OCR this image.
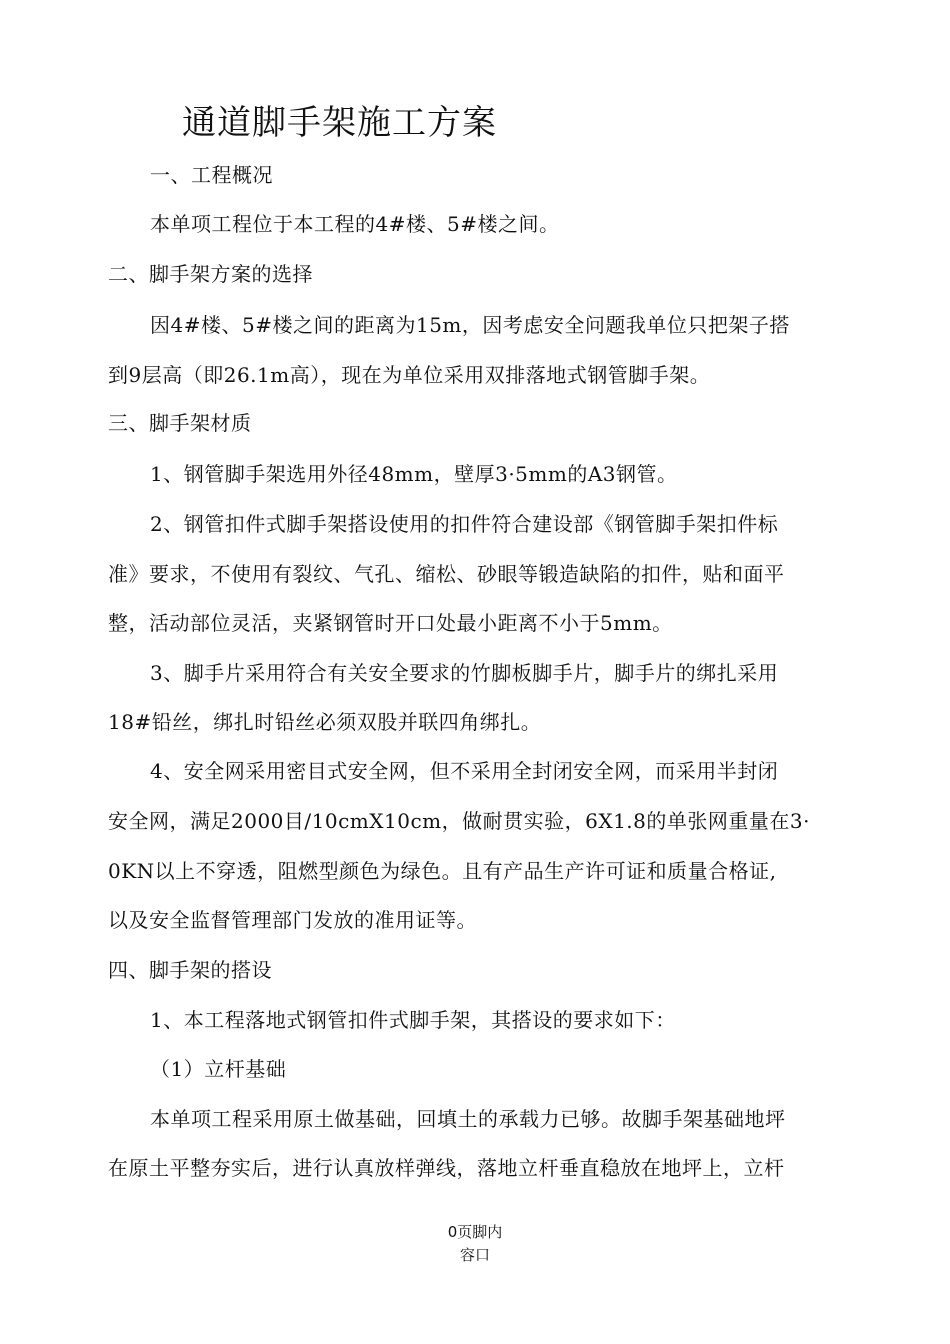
通道脚手架施工方案
一、工程概况
本单项工程位于本工程的4#楼、5#楼之间。
二、脚手架方案的选择
因4#楼、5#楼之间的距离为15m，因考虑安全问题我单位只把架子搭
到9层高（即26.1m高），现在为单位采用双排落地式钢管脚手架。
三、脚手架材质
1、钢管脚手架选用外径48mm，壁厚3·5mm的A3钢管。
2、钢管扣件式脚手架搭设使用的扣件符合建设部《钢管脚手架扣件标
准》要求，不使用有裂纹、气孔、缩松、砂眼等锻造缺陷的扣件，贴和面平
整，活动部位灵活，夹紧钢管时开口处最小距离不小于5mm。
3、脚手片采用符合有关安全要求的竹脚板脚手片，脚手片的绑扎采用
18#铅丝，绑扎时铅丝必须双股并联四角绑扎。
4、安全网采用密目式安全网，但不采用全封闭安全网，而采用半封闭
安全网，满足2000目/10cmX10cm，做耐贯实验，6X1.8的单张网重量在3·
0KN以上不穿透，阻燃型颜色为绿色。且有产品生产许可证和质量合格证,
以及安全监督管理部门发放的准用证等。
四、脚手架的搭设
1、本工程落地式钢管扣件式脚手架，其搭设的要求如下：
（1）立杆基础
本单项工程采用原土做基础，回填土的承载力已够。故脚手架基础地坪
在原土平整夯实后，进行认真放样弹线，落地立杆垂直稳放在地坪上，立杆
0页脚内
容口
